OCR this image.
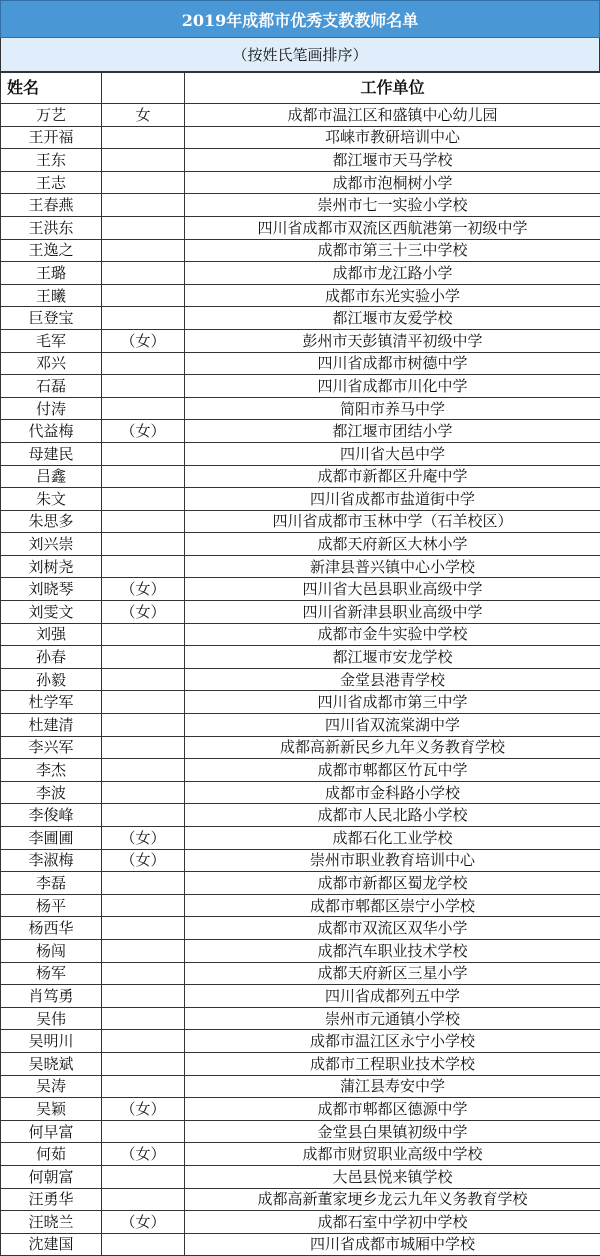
2019年成都市优秀支教教师名单
（按姓氏笔画排序）
姓名		工作单位
万艺	女	成都市温江区和盛镇中心幼儿园
王开福		邛崃市教研培训中心
王东		都江堰市天马学校
王志		成都市泡桐树小学
王春燕		崇州市七一实验小学校
王洪东		四川省成都市双流区西航港第一初级中学
王逸之		成都市第三十三中学校
王璐		成都市龙江路小学
王曦		成都市东光实验小学
巨登宝		都江堰市友爱学校
毛军	（女）	彭州市天彭镇清平初级中学
邓兴		四川省成都市树德中学
石磊		四川省成都市川化中学
付涛		简阳市养马中学
代益梅	（女）	都江堰市团结小学
母建民		四川省大邑中学
吕鑫		成都市新都区升庵中学
朱文		四川省成都市盐道街中学
朱思多		四川省成都市玉林中学（石羊校区）
刘兴崇		成都天府新区大林小学
刘树尧		新津县普兴镇中心小学校
刘晓琴	（女）	四川省大邑县职业高级中学
刘雯文	（女）	四川省新津县职业高级中学
刘强		成都市金牛实验中学校
孙春		都江堰市安龙学校
孙毅		金堂县港青学校
杜学军		四川省成都市第三中学
杜建清		四川省双流棠湖中学
李兴军		成都高新新民乡九年义务教育学校
李杰		成都市郫都区竹瓦中学
李波		成都市金科路小学校
李俊峰		成都市人民北路小学校
李圃圃	（女）	成都石化工业学校
李淑梅	（女）	崇州市职业教育培训中心
李磊		成都市新都区蜀龙学校
杨平		成都市郫都区崇宁小学校
杨西华		成都市双流区双华小学
杨闯		成都汽车职业技术学校
杨军		成都天府新区三星小学
肖笃勇		四川省成都列五中学
吴伟		崇州市元通镇小学校
吴明川		成都市温江区永宁小学校
吴晓斌		成都市工程职业技术学校
吴涛		蒲江县寿安中学
吴颖	（女）	成都市郫都区德源中学
何早富		金堂县白果镇初级中学
何茹	（女）	成都市财贸职业高级中学校
何朝富		大邑县悦来镇学校
汪勇华		成都高新董家埂乡龙云九年义务教育学校
汪晓兰	（女）	成都石室中学初中学校
沈建国		四川省成都市城厢中学校
